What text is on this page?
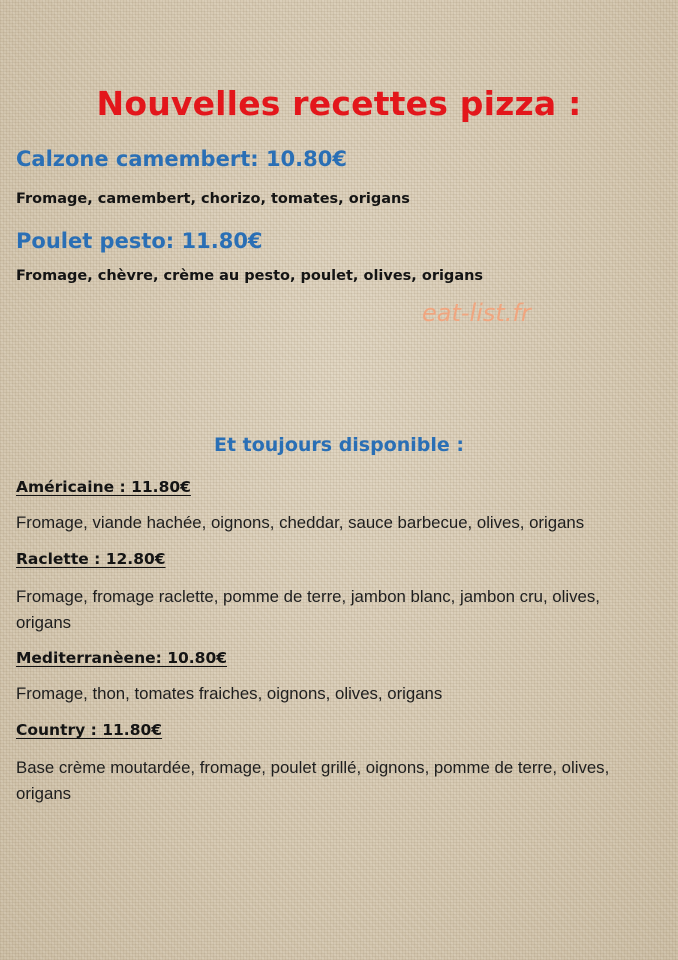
Nouvelles recettes pizza :
Calzone camembert: 10.80€
Fromage, camembert, chorizo, tomates, origans
Poulet pesto: 11.80€
Fromage, chèvre, crème au pesto, poulet, olives, origans
eat-list.fr
Et toujours disponible :
Américaine : 11.80€
Fromage, viande hachée, oignons, cheddar, sauce barbecue, olives, origans
Raclette : 12.80€
Fromage, fromage raclette, pomme de terre, jambon blanc, jambon cru, olives, origans
Mediterranèene: 10.80€
Fromage, thon, tomates fraiches, oignons, olives, origans
Country : 11.80€
Base crème moutardée, fromage, poulet grillé, oignons, pomme de terre, olives, origans
